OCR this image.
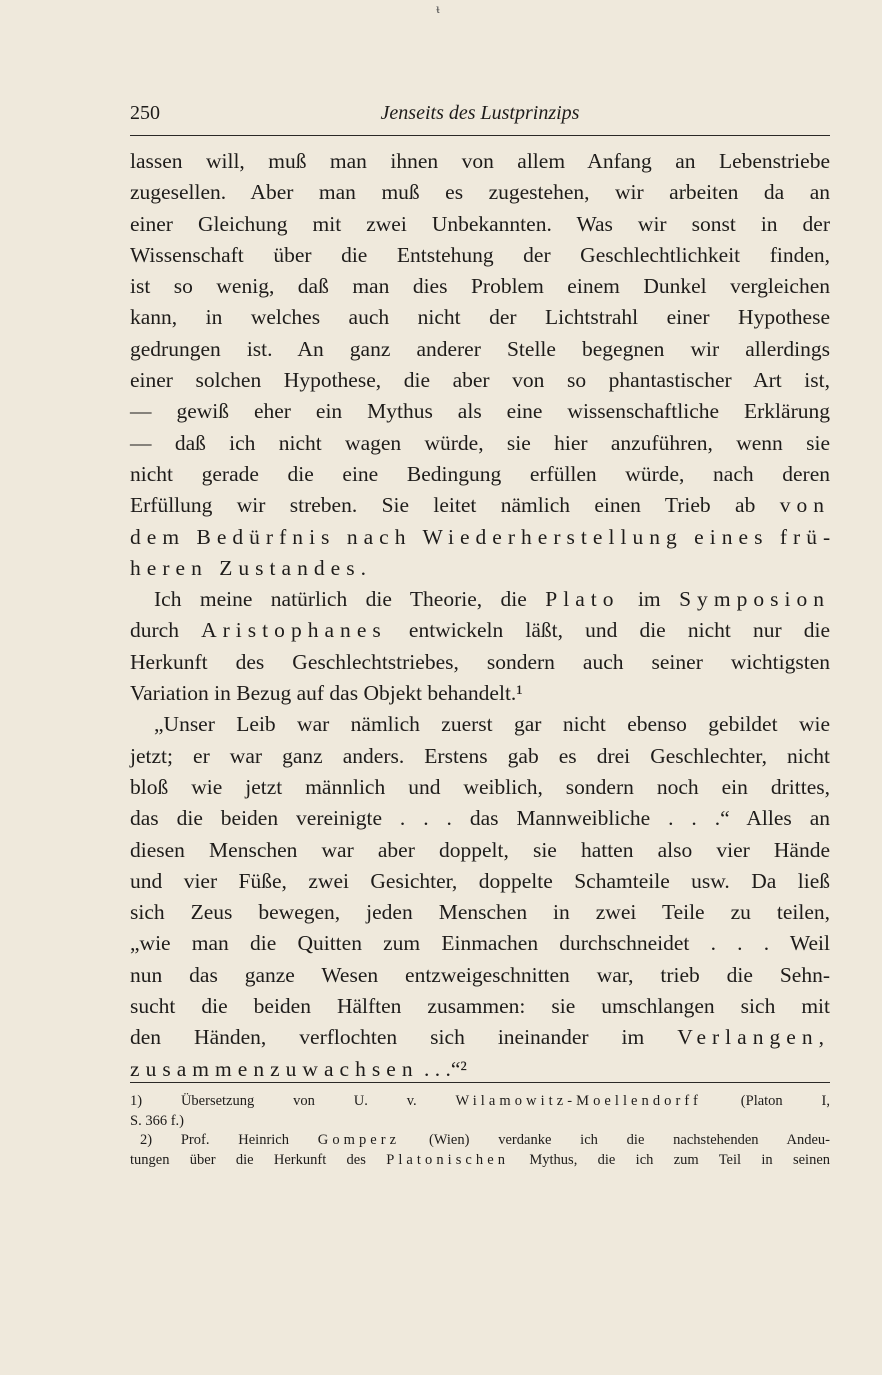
ᵼ
Jenseits des Lustprinzips
250
lassen will, muß man ihnen von allem Anfang an Lebenstriebe
zugesellen. Aber man muß es zugestehen, wir arbeiten da an
einer Gleichung mit zwei Unbekannten. Was wir sonst in der
Wissenschaft über die Entstehung der Geschlechtlichkeit finden,
ist so wenig, daß man dies Problem einem Dunkel vergleichen
kann, in welches auch nicht der Lichtstrahl einer Hypothese
gedrungen ist. An ganz anderer Stelle begegnen wir allerdings
einer solchen Hypothese, die aber von so phantastischer Art ist,
— gewiß eher ein Mythus als eine wissenschaftliche Erklärung
— daß ich nicht wagen würde, sie hier anzuführen, wenn sie
nicht gerade die eine Bedingung erfüllen würde, nach deren
Erfüllung wir streben. Sie leitet nämlich einen Trieb ab von
dem Bedürfnis nach Wiederherstellung eines frü-
heren Zustandes.
Ich meine natürlich die Theorie, die Plato im Symposion
durch Aristophanes entwickeln läßt, und die nicht nur die
Herkunft des Geschlechtstriebes, sondern auch seiner wichtigsten
Variation in Bezug auf das Objekt behandelt.¹
„Unser Leib war nämlich zuerst gar nicht ebenso gebildet wie
jetzt; er war ganz anders. Erstens gab es drei Geschlechter, nicht
bloß wie jetzt männlich und weiblich, sondern noch ein drittes,
das die beiden vereinigte . . . das Mannweibliche . . .“ Alles an
diesen Menschen war aber doppelt, sie hatten also vier Hände
und vier Füße, zwei Gesichter, doppelte Schamteile usw. Da ließ
sich Zeus bewegen, jeden Menschen in zwei Teile zu teilen,
„wie man die Quitten zum Einmachen durchschneidet . . . Weil
nun das ganze Wesen entzweigeschnitten war, trieb die Sehn-
sucht die beiden Hälften zusammen: sie umschlangen sich mit
den Händen, verflochten sich ineinander im Verlangen,
zusammenzuwachsen . . .“²
1) Übersetzung von U. v.	Wilamowitz-Moellendorff	(Platon I,
S. 366 f.)
2) Prof. Heinrich Gomperz (Wien) verdanke ich die nachstehenden Andeu-
tungen über die Herkunft des Platonischen Mythus, die ich zum Teil in seinen
